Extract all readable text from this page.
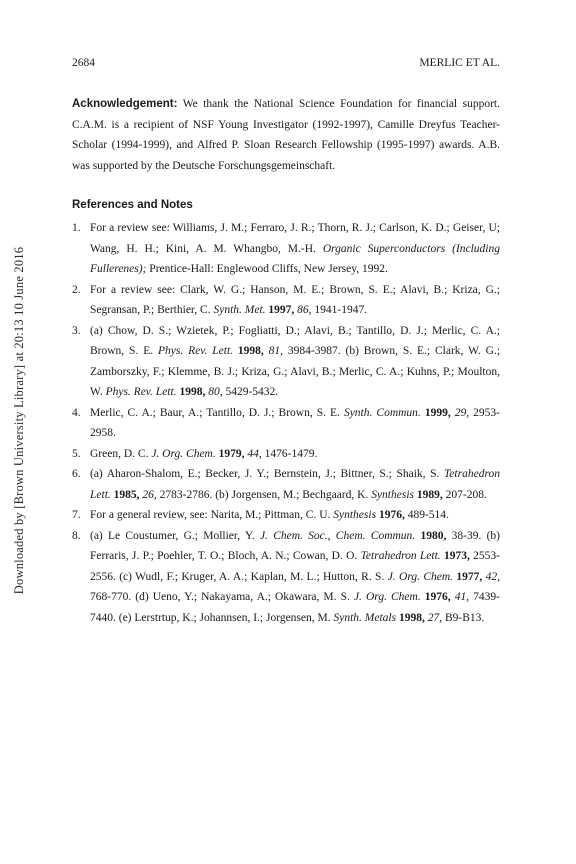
Downloaded by [Brown University Library] at 20:13 10 June 2016
2684	MERLIC ET AL.

Acknowledgement: We thank the National Science Foundation for financial support. C.A.M. is a recipient of NSF Young Investigator (1992-1997), Camille Dreyfus Teacher-Scholar (1994-1999), and Alfred P. Sloan Research Fellowship (1995-1997) awards. A.B. was supported by the Deutsche Forschungsgemeinschaft.

References and Notes
1. For a review see: Williams, J. M.; Ferraro, J. R.; Thorn, R. J.; Carlson, K. D.; Geiser, U; Wang, H. H.; Kini, A. M. Whangbo, M.-H. Organic Superconductors (Including Fullerenes); Prentice-Hall: Englewood Cliffs, New Jersey, 1992.
2. For a review see: Clark, W. G.; Hanson, M. E.; Brown, S. E.; Alavi, B.; Kriza, G.; Segransan, P.; Berthier, C. Synth. Met. 1997, 86, 1941-1947.
3. (a) Chow, D. S.; Wzietek, P.; Fogliatti, D.; Alavi, B.; Tantillo, D. J.; Merlic, C. A.; Brown, S. E. Phys. Rev. Lett. 1998, 81, 3984-3987. (b) Brown, S. E.; Clark, W. G.; Zamborszky, F.; Klemme, B. J.; Kriza, G.; Alavi, B.; Merlic, C. A.; Kuhns, P.; Moulton, W. Phys. Rev. Lett. 1998, 80, 5429-5432.
4. Merlic, C. A.; Baur, A.; Tantillo, D. J.; Brown, S. E. Synth. Commun. 1999, 29, 2953-2958.
5. Green, D. C. J. Org. Chem. 1979, 44, 1476-1479.
6. (a) Aharon-Shalom, E.; Becker, J. Y.; Bernstein, J.; Bittner, S.; Shaik, S. Tetrahedron Lett. 1985, 26, 2783-2786. (b) Jorgensen, M.; Bechgaard, K. Synthesis 1989, 207-208.
7. For a general review, see: Narita, M.; Pittman, C. U. Synthesis 1976, 489-514.
8. (a) Le Coustumer, G.; Mollier, Y. J. Chem. Soc., Chem. Commun. 1980, 38-39. (b) Ferraris, J. P.; Poehler, T. O.; Bloch, A. N.; Cowan, D. O. Tetrahedron Lett. 1973, 2553-2556. (c) Wudl, F.; Kruger, A. A.; Kaplan, M. L.; Hutton, R. S. J. Org. Chem. 1977, 42, 768-770. (d) Ueno, Y.; Nakayama, A.; Okawara, M. S. J. Org. Chem. 1976, 41, 7439-7440. (e) Lerstrtup, K.; Johannsen, I.; Jorgensen, M. Synth. Metals 1998, 27, B9-B13.
